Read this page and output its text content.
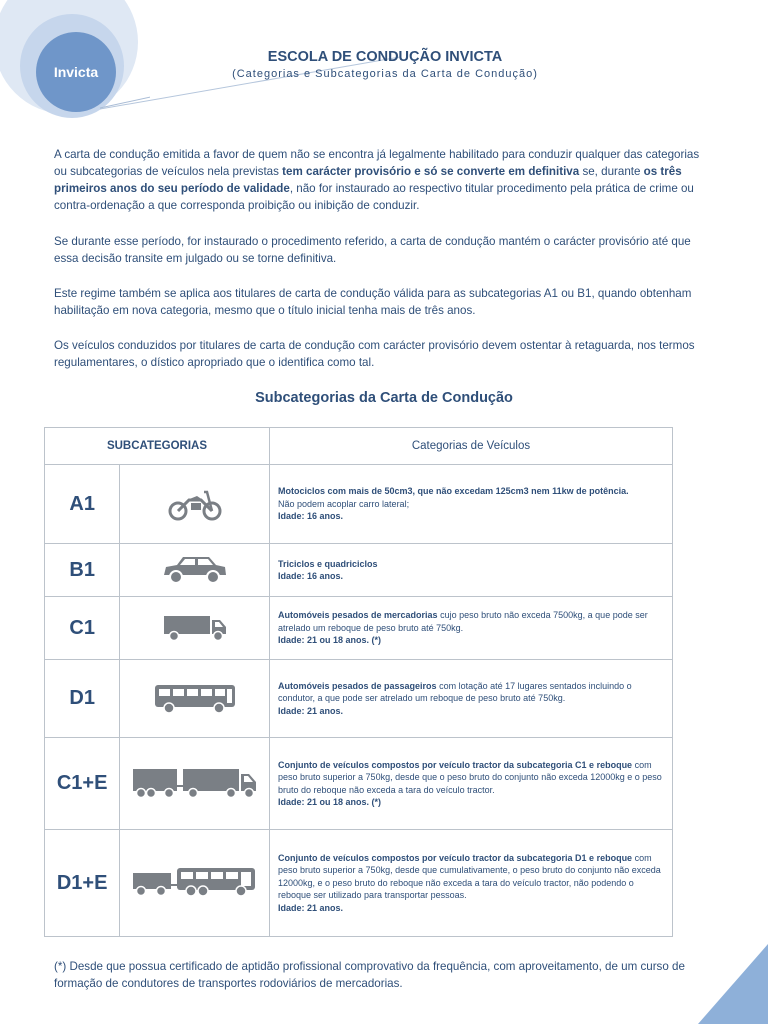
Invicta
ESCOLA DE CONDUÇÃO INVICTA
(Categorias e Subcategorias da Carta de Condução)

A carta de condução emitida a favor de quem não se encontra já legalmente habilitado para conduzir qualquer das categorias ou subcategorias de veículos nela previstas tem carácter provisório e só se converte em definitiva se, durante os três primeiros anos do seu período de validade, não for instaurado ao respectivo titular procedimento pela prática de crime ou contra-ordenação a que corresponda proibição ou inibição de conduzir.

Se durante esse período, for instaurado o procedimento referido, a carta de condução mantém o carácter provisório até que essa decisão transite em julgado ou se torne definitiva.

Este regime também se aplica aos titulares de carta de condução válida para as subcategorias A1 ou B1, quando obtenham habilitação em nova categoria, mesmo que o título inicial tenha mais de três anos.

Os veículos conduzidos por titulares de carta de condução com carácter provisório devem ostentar à retaguarda, nos termos regulamentares, o dístico apropriado que o identifica como tal.

Subcategorias da Carta de Condução
SUBCATEGORIAS		Categorias de Veículos
A1		Motociclos com mais de 50cm3, que não excedam 125cm3 nem 11kw de potência.
Não podem acoplar carro lateral;
Idade: 16 anos.
B1		Triciclos e quadriciclos
Idade: 16 anos.
C1		Automóveis pesados de mercadorias cujo peso bruto não exceda 7500kg, a que pode ser atrelado um reboque de peso bruto até 750kg.
Idade: 21 ou 18 anos. (*)
D1		Automóveis pesados de passageiros com lotação até 17 lugares sentados incluindo o condutor, a que pode ser atrelado um reboque de peso bruto até 750kg.
Idade: 21 anos.
C1+E		Conjunto de veículos compostos por veículo tractor da subcategoria C1 e reboque com peso bruto superior a 750kg, desde que o peso bruto do conjunto não exceda 12000kg e o peso bruto do reboque não exceda a tara do veículo tractor.
Idade: 21 ou 18 anos. (*)
D1+E		Conjunto de veículos compostos por veículo tractor da subcategoria D1 e reboque com peso bruto superior a 750kg, desde que cumulativamente, o peso bruto do conjunto não exceda 12000kg, e o peso bruto do reboque não exceda a tara do veículo tractor, não podendo o reboque ser utilizado para transportar pessoas.
Idade: 21 anos.
(*) Desde que possua certificado de aptidão profissional comprovativo da frequência, com aproveitamento, de um curso de formação de condutores de transportes rodoviários de mercadorias.
